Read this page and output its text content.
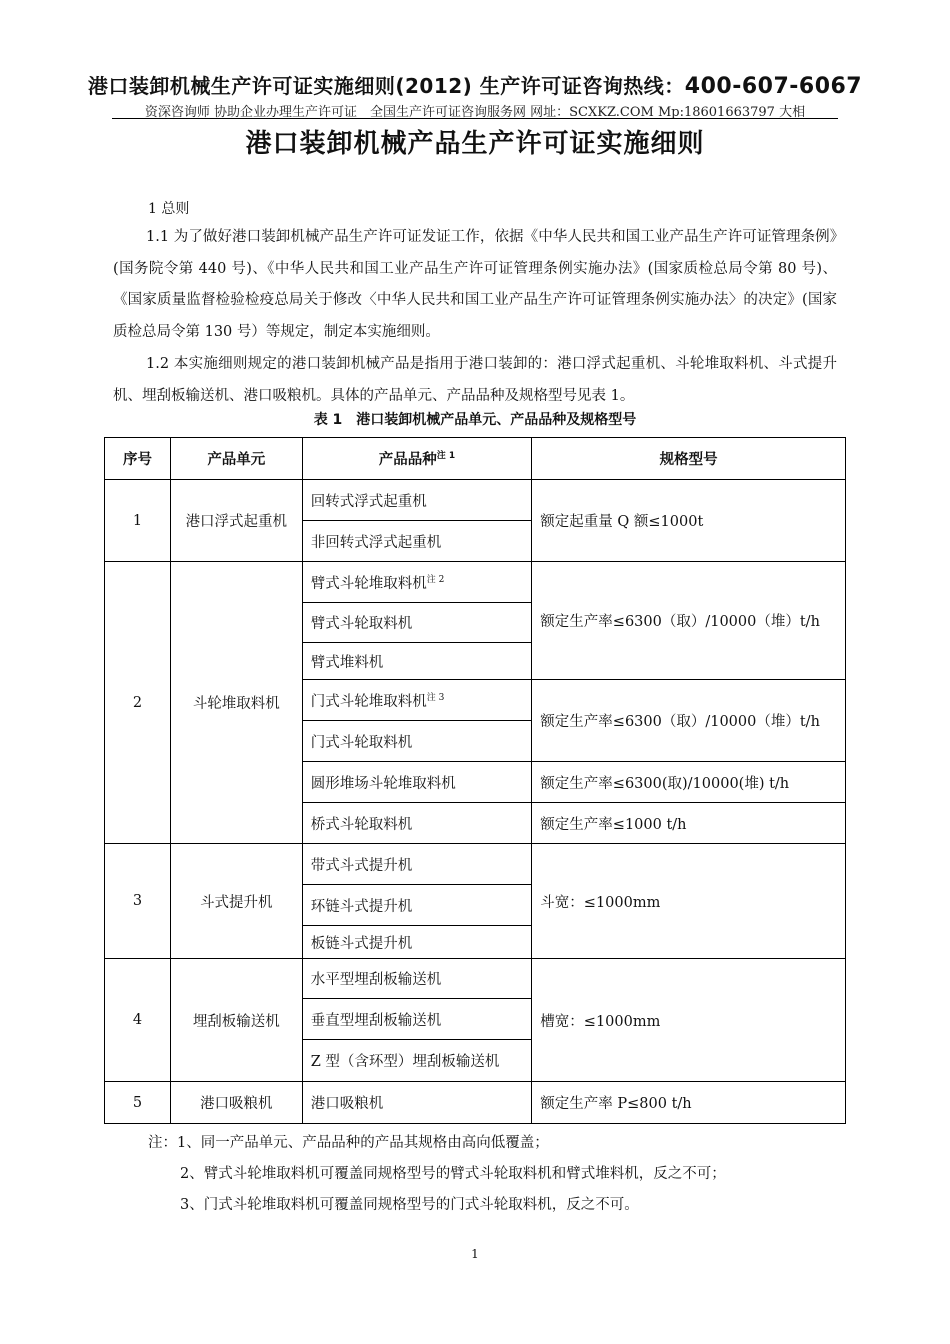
港口装卸机械生产许可证实施细则(2012) 生产许可证咨询热线：400-607-6067
资深咨询师 协助企业办理生产许可证　全国生产许可证咨询服务网 网址：SCXKZ.COM Mp:18601663797 大相
港口装卸机械产品生产许可证实施细则
1 总则
1.1 为了做好港口装卸机械产品生产许可证发证工作，依据《中华人民共和国工业产品生产许可证管理条例》(国务院令第 440 号)、《中华人民共和国工业产品生产许可证管理条例实施办法》(国家质检总局令第 80 号)、《国家质量监督检验检疫总局关于修改〈中华人民共和国工业产品生产许可证管理条例实施办法〉的决定》(国家质检总局令第 130 号）等规定，制定本实施细则。
1.2 本实施细则规定的港口装卸机械产品是指用于港口装卸的：港口浮式起重机、斗轮堆取料机、斗式提升机、埋刮板输送机、港口吸粮机。具体的产品单元、产品品种及规格型号见表 1。
表 1　港口装卸机械产品单元、产品品种及规格型号
序号	产品单元	产品品种$^{注 1}$	规格型号
1	港口浮式起重机	回转式浮式起重机	额定起重量 Q 额≤1000t
		非回转式浮式起重机	
2	斗轮堆取料机	臂式斗轮堆取料机$^{注 2}$	额定生产率≤6300（取）/10000（堆）t/h
		臂式斗轮取料机	
		臂式堆料机	
		门式斗轮堆取料机$^{注 3}$	额定生产率≤6300（取）/10000（堆）t/h
		门式斗轮取料机	
		圆形堆场斗轮堆取料机	额定生产率≤6300(取)/10000(堆) t/h
		桥式斗轮取料机	额定生产率≤1000 t/h
3	斗式提升机	带式斗式提升机	斗宽：≤1000mm
		环链斗式提升机	
		板链斗式提升机	
4	埋刮板输送机	水平型埋刮板输送机	槽宽：≤1000mm
		垂直型埋刮板输送机	
		Z 型（含环型）埋刮板输送机	
5	港口吸粮机	港口吸粮机	额定生产率 P≤800 t/h
注：1、同一产品单元、产品品种的产品其规格由高向低覆盖；
2、臂式斗轮堆取料机可覆盖同规格型号的臂式斗轮取料机和臂式堆料机，反之不可；
3、门式斗轮堆取料机可覆盖同规格型号的门式斗轮取料机，反之不可。
1
